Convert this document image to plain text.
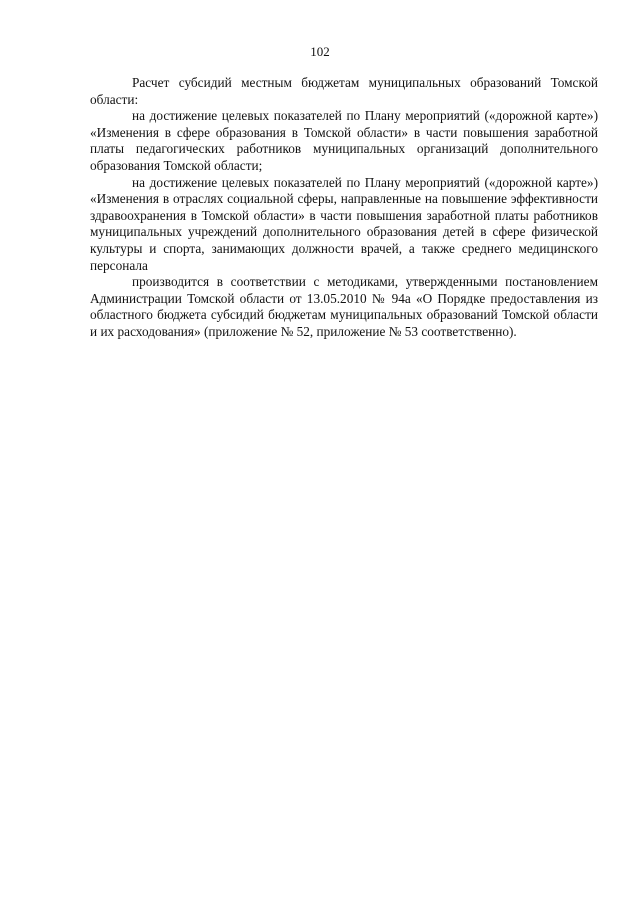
102

Расчет субсидий местным бюджетам муниципальных образований Томской области:

на достижение целевых показателей по Плану мероприятий («дорожной карте») «Изменения в сфере образования в Томской области» в части повышения заработной платы педагогических работников муниципальных организаций дополнительного образования Томской области;

на достижение целевых показателей по Плану мероприятий («дорожной карте») «Изменения в отраслях социальной сферы, направленные на повышение эффективности здравоохранения в Томской области» в части повышения заработной платы работников муниципальных учреждений дополнительного образования детей в сфере физической культуры и спорта, занимающих должности врачей, а также среднего медицинского персонала

производится в соответствии с методиками, утвержденными постановлением Администрации Томской области от 13.05.2010 № 94а «О Порядке предоставления из областного бюджета субсидий бюджетам муниципальных образований Томской области и их расходования» (приложение № 52, приложение № 53 соответственно).
